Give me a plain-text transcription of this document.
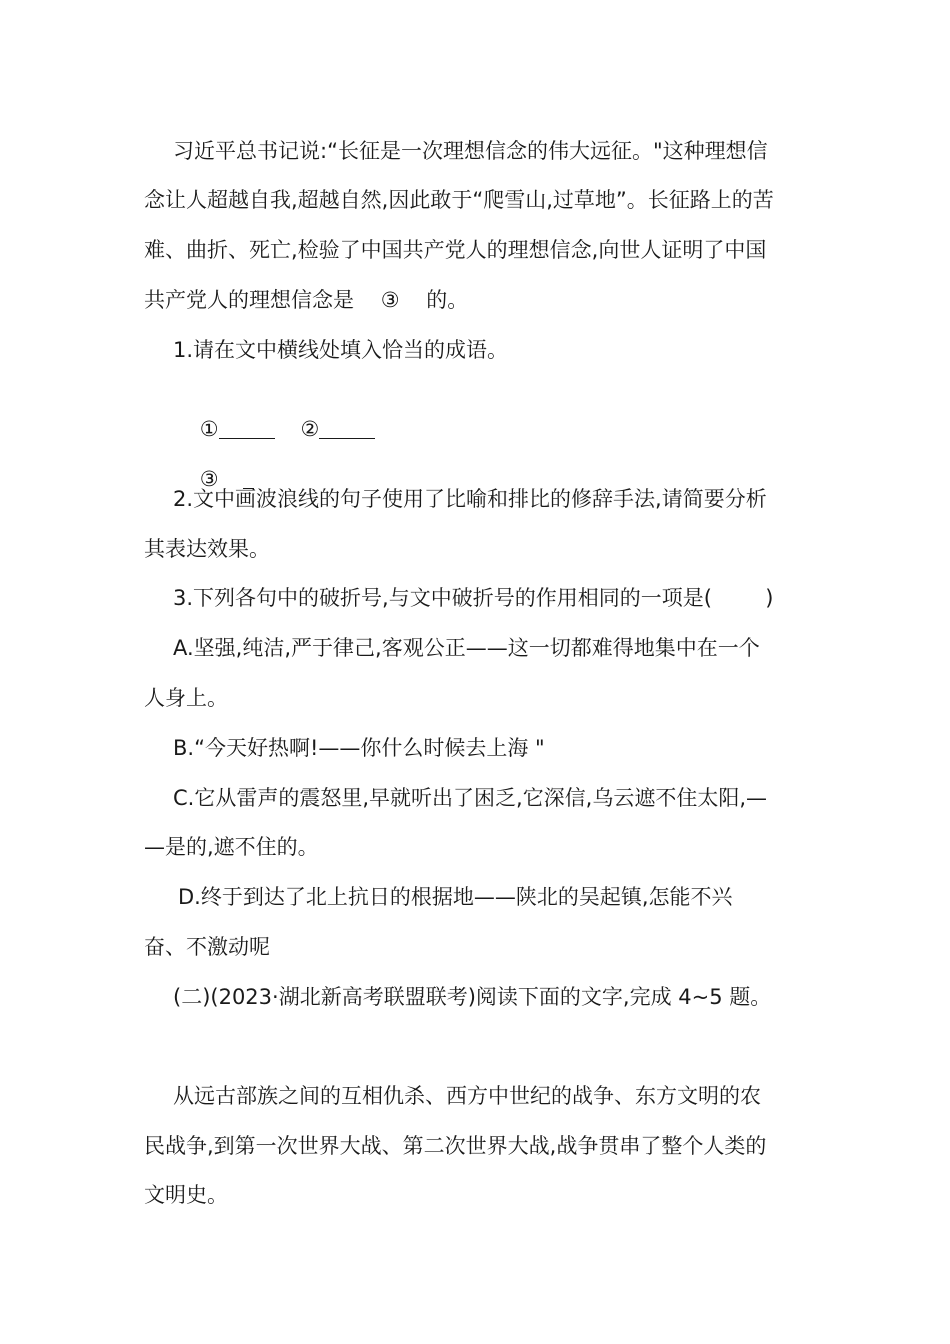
习近平总书记说:“长征是一次理想信念的伟大远征。"这种理想信
念让人超越自我,超越自然,因此敢于“爬雪山,过草地”。长征路上的苦
难、曲折、死亡,检验了中国共产党人的理想信念,向世人证明了中国
共产党人的理想信念是    ③    的。
1.请在文中横线处填入恰当的成语。

①	②

③

2.文中画波浪线的句子使用了比喻和排比的修辞手法,请简要分析
其表达效果。
3.下列各句中的破折号,与文中破折号的作用相同的一项是(        )
A.坚强,纯洁,严于律己,客观公正——这一切都难得地集中在一个
人身上。
B.“今天好热啊!——你什么时候去上海 "
C.它从雷声的震怒里,早就听出了困乏,它深信,乌云遮不住太阳,—
—是的,遮不住的。
D.终于到达了北上抗日的根据地——陕北的吴起镇,怎能不兴
奋、不激动呢
(二)(2023·湖北新高考联盟联考)阅读下面的文字,完成 4~5 题。
从远古部族之间的互相仇杀、西方中世纪的战争、东方文明的农
民战争,到第一次世界大战、第二次世界大战,战争贯串了整个人类的
文明史。
